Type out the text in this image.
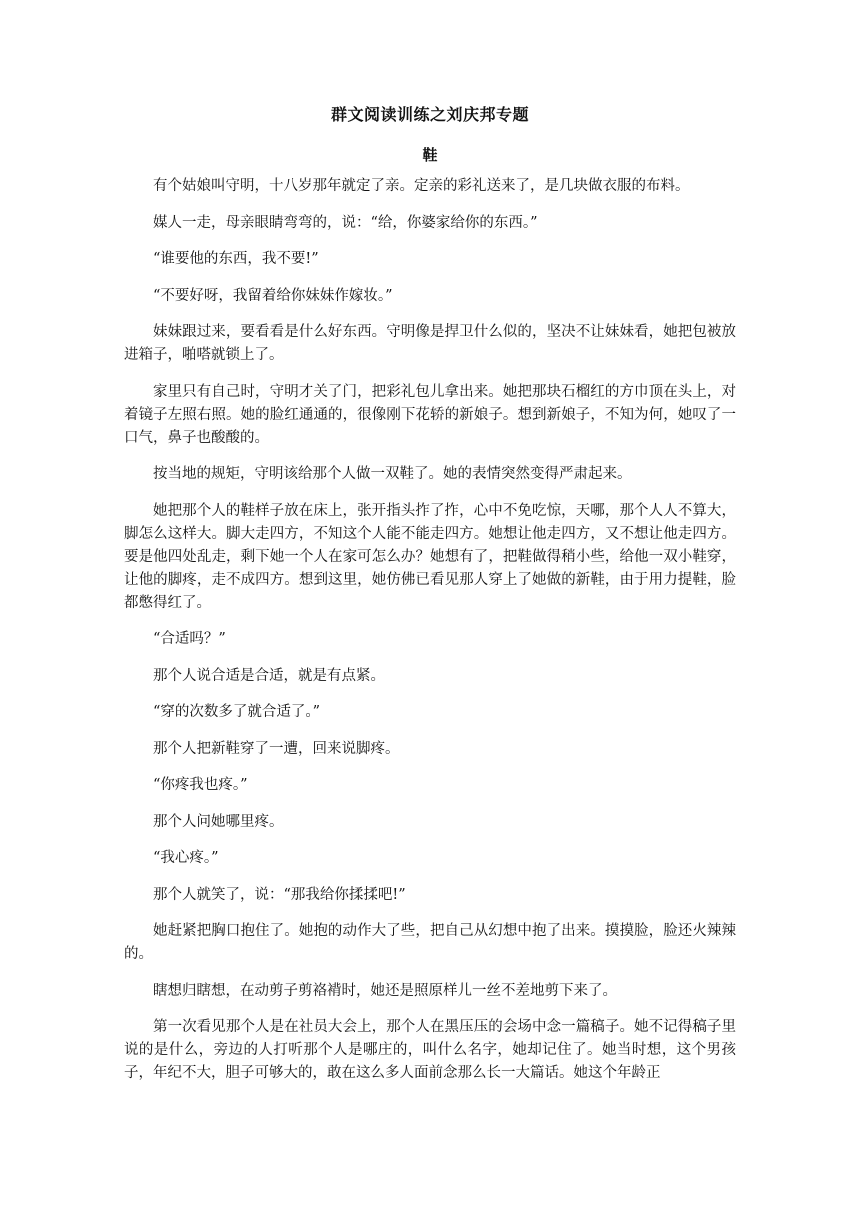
群文阅读训练之刘庆邦专题
鞋

有个姑娘叫守明，十八岁那年就定了亲。定亲的彩礼送来了，是几块做衣服的布料。

媒人一走，母亲眼睛弯弯的，说：“给，你婆家给你的东西。”

“谁要他的东西，我不要!”

“不要好呀，我留着给你妹妹作嫁妆。”

妹妹跟过来，要看看是什么好东西。守明像是捍卫什么似的，坚决不让妹妹看，她把包被放进箱子，啪嗒就锁上了。

家里只有自己时，守明才关了门，把彩礼包儿拿出来。她把那块石榴红的方巾顶在头上，对着镜子左照右照。她的脸红通通的，很像刚下花轿的新娘子。想到新娘子，不知为何，她叹了一口气，鼻子也酸酸的。

按当地的规矩，守明该给那个人做一双鞋了。她的表情突然变得严肃起来。

她把那个人的鞋样子放在床上，张开指头拃了拃，心中不免吃惊，天哪，那个人人不算大，脚怎么这样大。脚大走四方，不知这个人能不能走四方。她想让他走四方，又不想让他走四方。要是他四处乱走，剩下她一个人在家可怎么办？她想有了，把鞋做得稍小些，给他一双小鞋穿，让他的脚疼，走不成四方。想到这里，她仿佛已看见那人穿上了她做的新鞋，由于用力提鞋，脸都憋得红了。

“合适吗？”

那个人说合适是合适，就是有点紧。

“穿的次数多了就合适了。”

那个人把新鞋穿了一遭，回来说脚疼。

“你疼我也疼。”

那个人问她哪里疼。

“我心疼。”

那个人就笑了，说：“那我给你揉揉吧!”

她赶紧把胸口抱住了。她抱的动作大了些，把自己从幻想中抱了出来。摸摸脸，脸还火辣辣的。

瞎想归瞎想，在动剪子剪袼褙时，她还是照原样儿一丝不差地剪下来了。

第一次看见那个人是在社员大会上，那个人在黑压压的会场中念一篇稿子。她不记得稿子里说的是什么，旁边的人打听那个人是哪庄的，叫什么名字，她却记住了。她当时想，这个男孩子，年纪不大，胆子可够大的，敢在这么多人面前念那么长一大篇话。她这个年龄正
